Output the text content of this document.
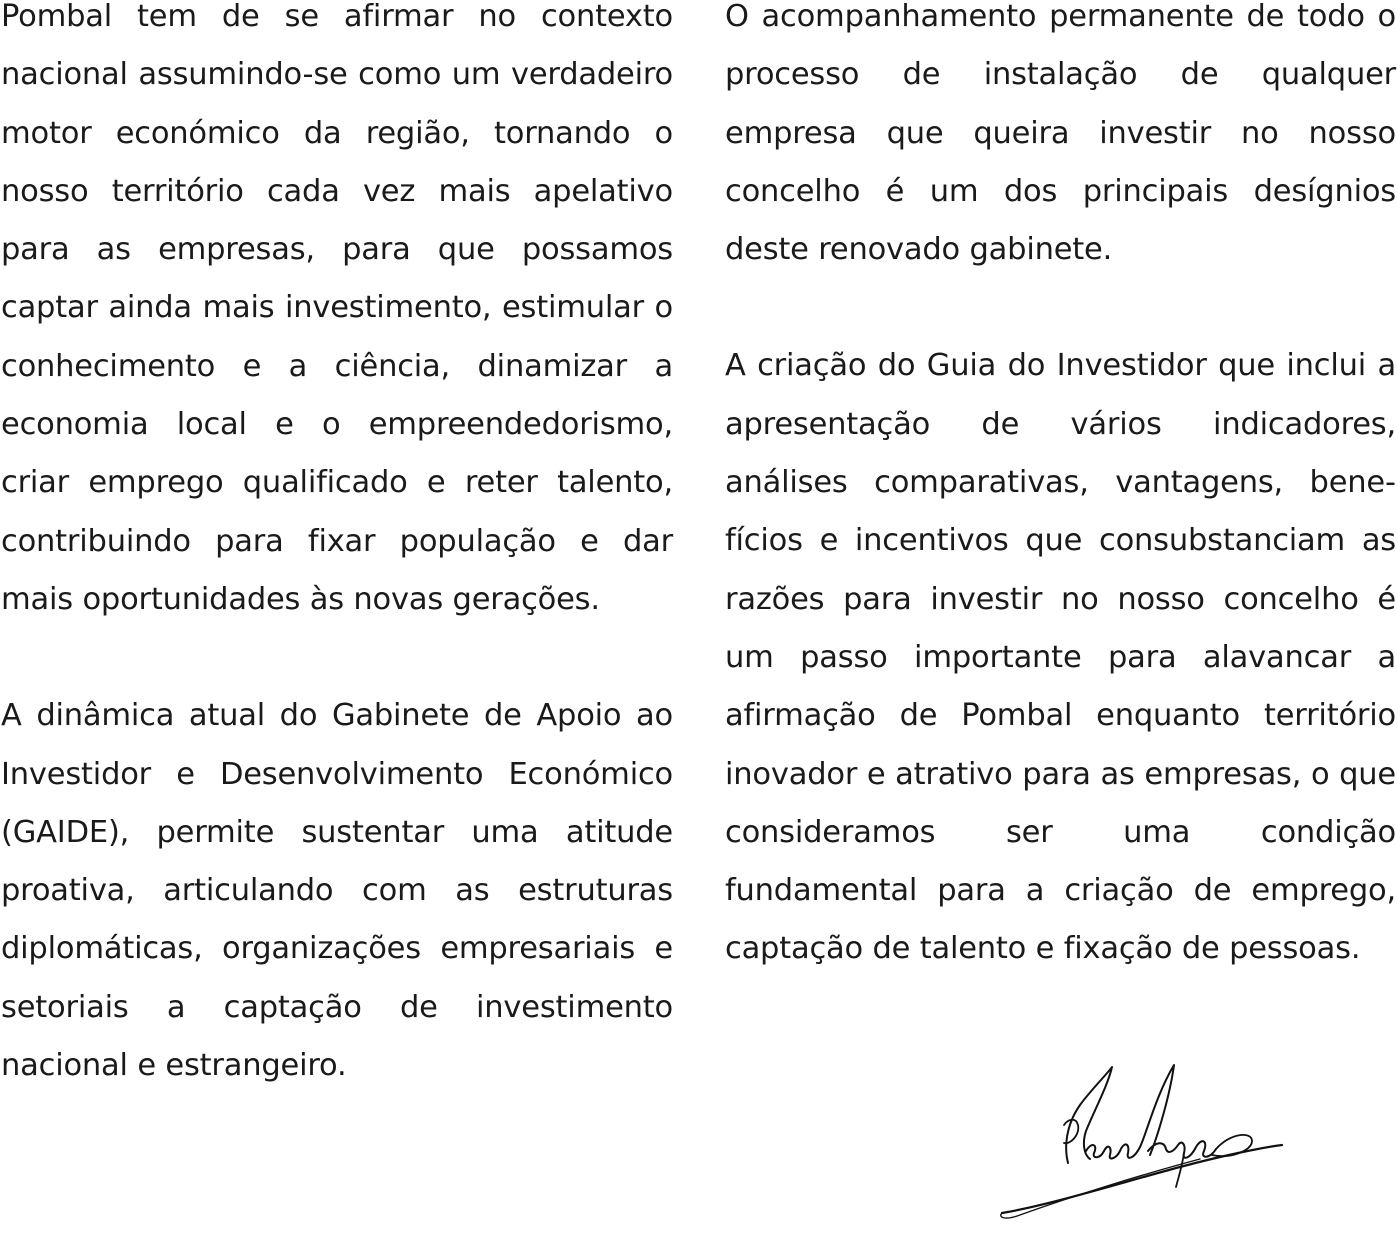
Pombal tem de se afirmar no contexto nacional assumindo-se como um verdadeiro motor económico da região, tornando o nosso território cada vez mais apelativo para as empresas, para que possamos captar ainda mais investimento, estimular o conhecimento e a ciência, dinamizar a economia local e o empreendedorismo, criar emprego qualificado e reter talento, contribuindo para fixar população e dar mais oportunidades às novas gerações.

A dinâmica atual do Gabinete de Apoio ao Investidor e Desenvolvimento Económico (GAIDE), permite sustentar uma atitude proativa, articulando com as estruturas diplomáticas, organizações empresariais e setoriais a captação de investimento nacional e estrangeiro.

O acompanhamento permanente de todo o processo de instalação de qualquer empresa que queira investir no nosso concelho é um dos principais desígnios deste renovado gabinete.

A criação do Guia do Investidor que inclui a apresentação de vários indicadores, análises comparativas, vantagens, benefícios e incentivos que consubstanciam as razões para investir no nosso concelho é um passo importante para alavancar a afirmação de Pombal enquanto território inovador e atrativo para as empresas, o que consideramos ser uma condição fundamental para a criação de emprego, captação de talento e fixação de pessoas.
